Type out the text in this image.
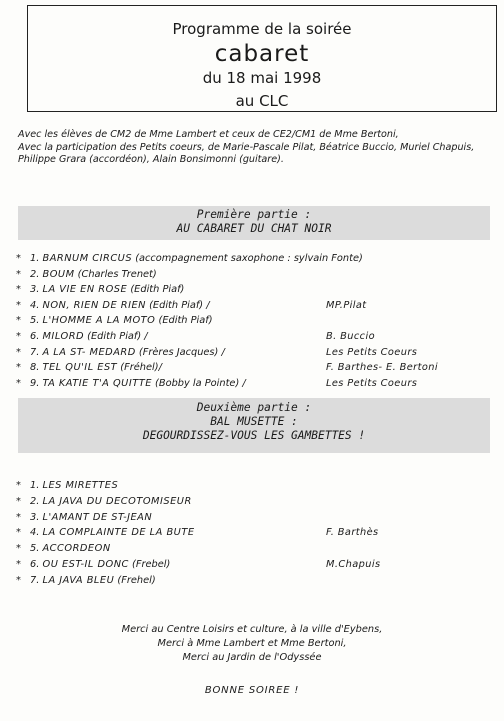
Programme de la soirée
cabaret
du 18 mai 1998
au CLC

Avec les élèves de CM2 de Mme Lambert et ceux de CE2/CM1 de Mme Bertoni,

Avec la participation des Petits coeurs, de Marie-Pascale Pilat, Béatrice Buccio, Muriel Chapuis, Philippe Grara (accordéon), Alain Bonsimonni (guitare).

Première partie :
AU CABARET DU CHAT NOIR
* 1. BARNUM CIRCUS (accompagnement saxophone : sylvain Fonte)
* 2. BOUM (Charles Trenet)
* 3. LA VIE EN ROSE (Edith Piaf)
* 4. NON, RIEN DE RIEN (Edith Piaf) /	MP.Pilat
* 5. L'HOMME A LA MOTO (Edith Piaf)
* 6. MILORD (Edith Piaf) /	B. Buccio
* 7. A LA ST- MEDARD (Frères Jacques) /	Les Petits Coeurs
* 8. TEL QU'IL EST (Fréhel)/	F. Barthes- E. Bertoni
* 9. TA KATIE T'A QUITTE (Bobby la Pointe) /	Les Petits Coeurs
Deuxième partie :
BAL MUSETTE :
DEGOURDISSEZ-VOUS LES GAMBETTES !
* 1. LES MIRETTES
* 2. LA JAVA DU DECOTOMISEUR
* 3. L'AMANT DE ST-JEAN
* 4. LA COMPLAINTE DE LA BUTE	F. Barthès
* 5. ACCORDEON
* 6. OU EST-IL DONC (Frebel)	M.Chapuis
* 7. LA JAVA BLEU (Frehel)

Merci au Centre Loisirs et culture, à la ville d'Eybens,

Merci à Mme Lambert et Mme Bertoni,

Merci au Jardin de l'Odyssée

BONNE SOIREE !
